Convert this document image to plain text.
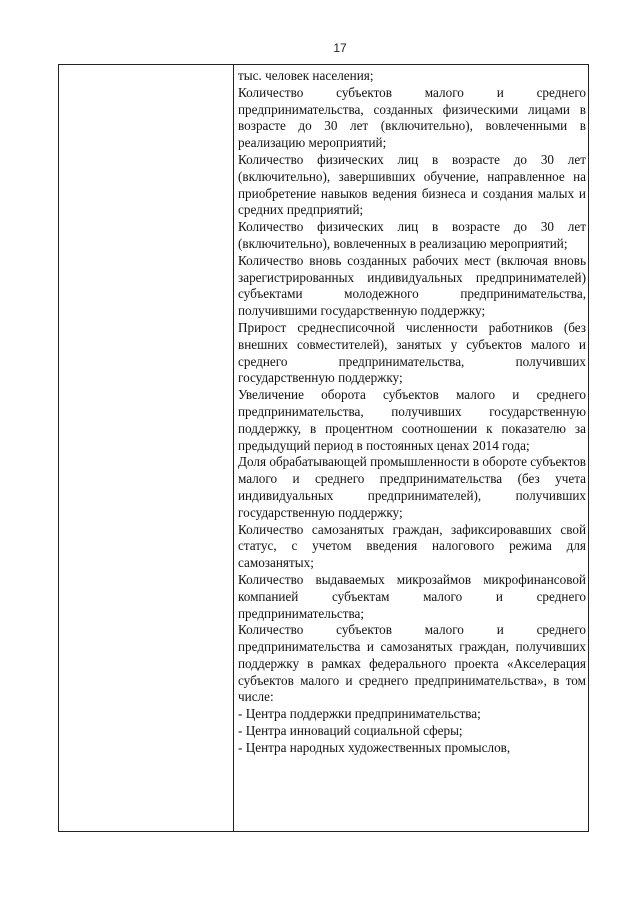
17

тыс. человек населения;

Количество субъектов малого и среднего предпринимательства, созданных физическими лицами в возрасте до 30 лет (включительно), вовлеченными в реализацию мероприятий;

Количество физических лиц в возрасте до 30 лет (включительно), завершивших обучение, направленное на приобретение навыков ведения бизнеса и создания малых и средних предприятий;

Количество физических лиц в возрасте до 30 лет (включительно), вовлеченных в реализацию мероприятий;

Количество вновь созданных рабочих мест (включая вновь зарегистрированных индивидуальных предпринимателей) субъектами молодежного предпринимательства, получившими государственную поддержку;

Прирост среднесписочной численности работников (без внешних совместителей), занятых у субъектов малого и среднего предпринимательства, получивших государственную поддержку;

Увеличение оборота субъектов малого и среднего предпринимательства, получивших государственную поддержку, в процентном соотношении к показателю за предыдущий период в постоянных ценах 2014 года;

Доля обрабатывающей промышленности в обороте субъектов малого и среднего предпринимательства (без учета индивидуальных предпринимателей), получивших государственную поддержку;

Количество самозанятых граждан, зафиксировавших свой статус, с учетом введения налогового режима для самозанятых;

Количество выдаваемых микрозаймов микрофинансовой компанией субъектам малого и среднего предпринимательства;

Количество субъектов малого и среднего предпринимательства и самозанятых граждан, получивших поддержку в рамках федерального проекта «Акселерация субъектов малого и среднего предпринимательства», в том числе:

- Центра поддержки предпринимательства;

- Центра инноваций социальной сферы;

- Центра народных художественных промыслов,
